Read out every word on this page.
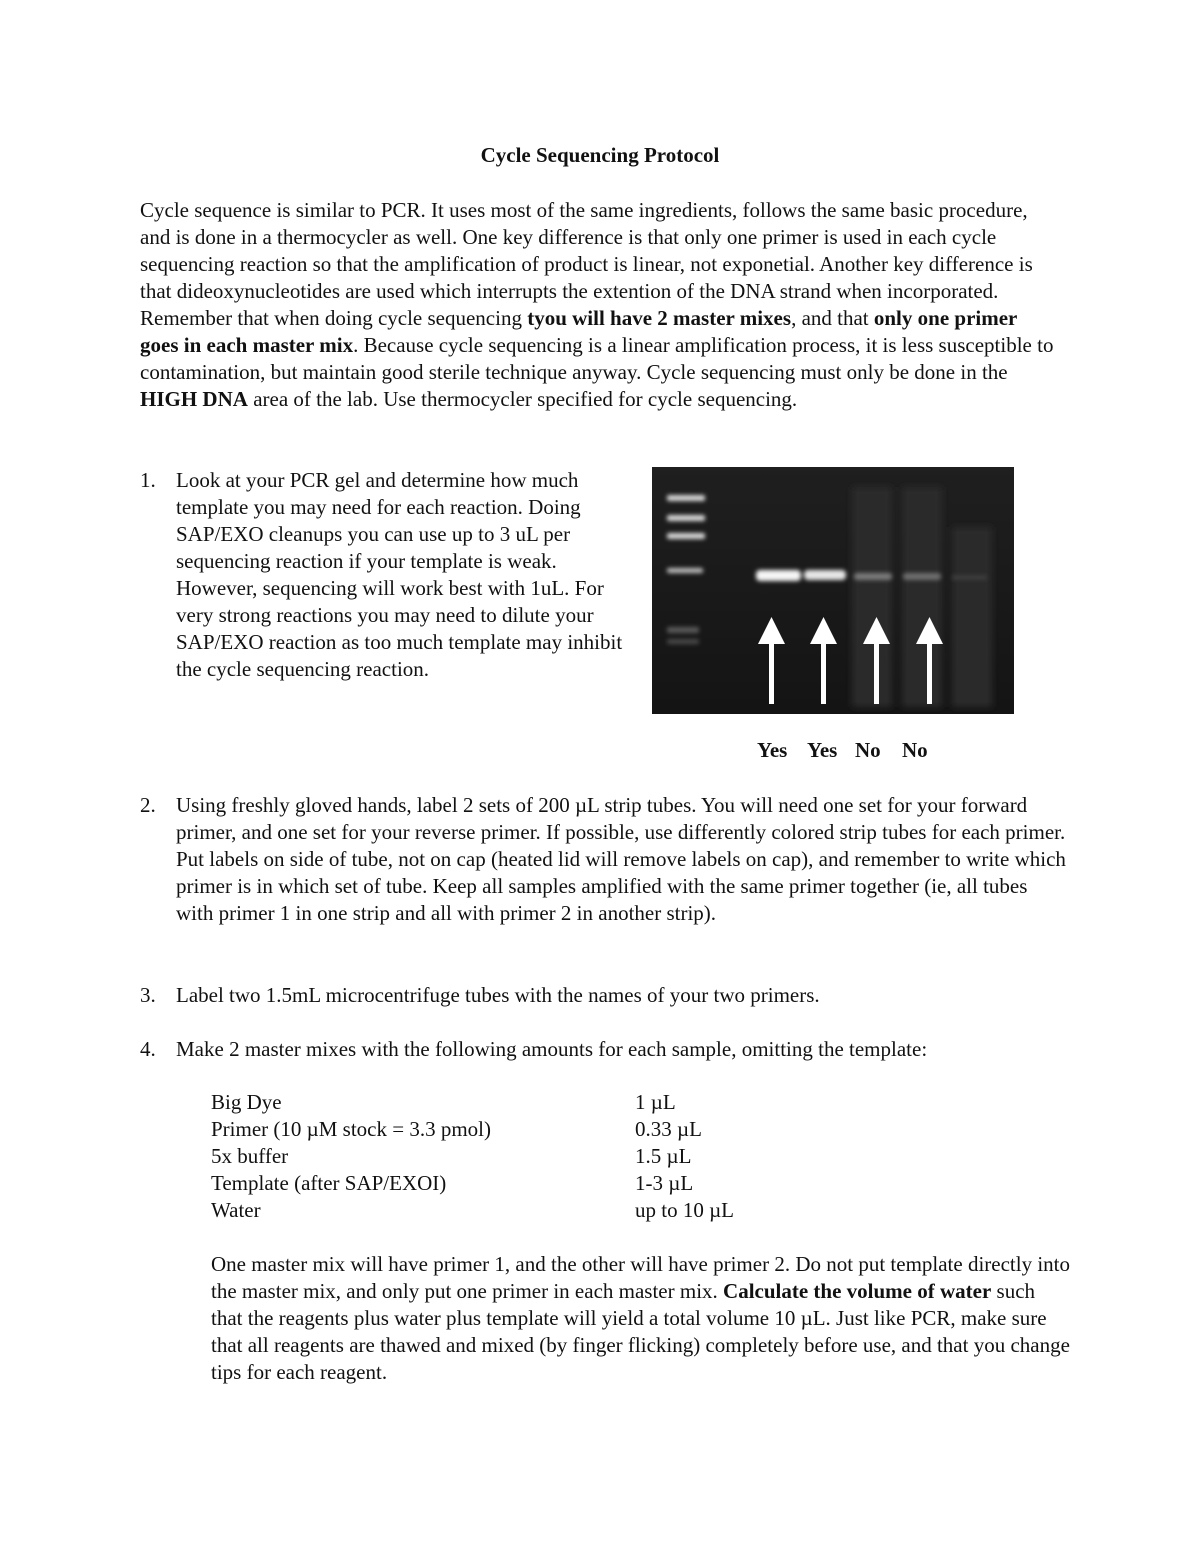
Cycle Sequencing Protocol

Cycle sequence is similar to PCR. It uses most of the same ingredients, follows the same basic procedure, and is done in a thermocycler as well. One key difference is that only one primer is used in each cycle sequencing reaction so that the amplification of product is linear, not exponetial. Another key difference is that dideoxynucleotides are used which interrupts the extention of the DNA strand when incorporated. Remember that when doing cycle sequencing tyou will have 2 master mixes, and that only one primer goes in each master mix. Because cycle sequencing is a linear amplification process, it is less susceptible to contamination, but maintain good sterile technique anyway. Cycle sequencing must only be done in the HIGH DNA area of the lab. Use thermocycler specified for cycle sequencing.

1. Look at your PCR gel and determine how much template you may need for each reaction. Doing SAP/EXO cleanups you can use up to 3 uL per sequencing reaction if your template is weak. However, sequencing will work best with 1uL. For very strong reactions you may need to dilute your SAP/EXO reaction as too much template may inhibit the cycle sequencing reaction.

Yes

Yes

No

No

2. Using freshly gloved hands, label 2 sets of 200 µL strip tubes. You will need one set for your forward primer, and one set for your reverse primer. If possible, use differently colored strip tubes for each primer. Put labels on side of tube, not on cap (heated lid will remove labels on cap), and remember to write which primer is in which set of tube. Keep all samples amplified with the same primer together (ie, all tubes with primer 1 in one strip and all with primer 2 in another strip).

3. Label two 1.5mL microcentrifuge tubes with the names of your two primers.

4. Make 2 master mixes with the following amounts for each sample, omitting the template:

Big Dye	1 µL
Primer (10 µM stock = 3.3 pmol)	0.33 µL
5x buffer	1.5 µL
Template (after SAP/EXOI)	1-3 µL
Water	up to 10 µL

One master mix will have primer 1, and the other will have primer 2. Do not put template directly into the master mix, and only put one primer in each master mix. Calculate the volume of water such that the reagents plus water plus template will yield a total volume 10 µL. Just like PCR, make sure that all reagents are thawed and mixed (by finger flicking) completely before use, and that you change tips for each reagent.
